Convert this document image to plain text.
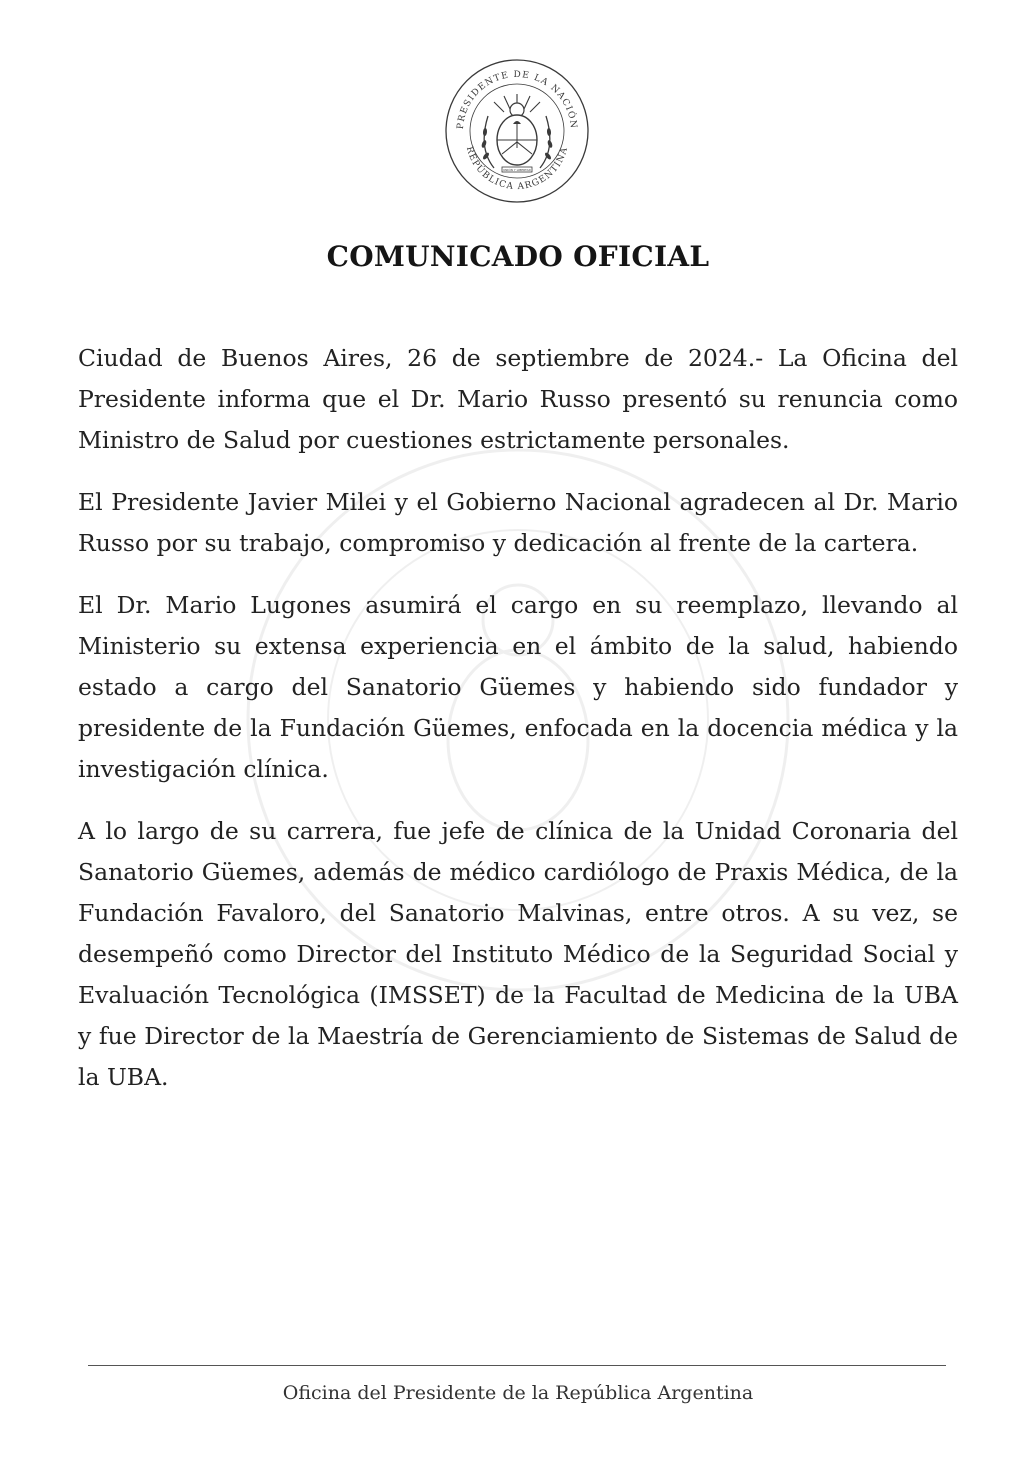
PRESIDENTE DE LA NACIÓN
REPÚBLICA ARGENTINA
UNIÓN Y LIBERTAD
COMUNICADO OFICIAL

Ciudad de Buenos Aires, 26 de septiembre de 2024.- La Oficina del Presidente informa que el Dr. Mario Russo presentó su renuncia como Ministro de Salud por cuestiones estrictamente personales.

El Presidente Javier Milei y el Gobierno Nacional agradecen al Dr. Mario Russo por su trabajo, compromiso y dedicación al frente de la cartera.

El Dr. Mario Lugones asumirá el cargo en su reemplazo, llevando al Ministerio su extensa experiencia en el ámbito de la salud, habiendo estado a cargo del Sanatorio Güemes y habiendo sido fundador y presidente de la Fundación Güemes, enfocada en la docencia médica y la investigación clínica.

A lo largo de su carrera, fue jefe de clínica de la Unidad Coronaria del Sanatorio Güemes, además de médico cardiólogo de Praxis Médica, de la Fundación Favaloro, del Sanatorio Malvinas, entre otros. A su vez, se desempeñó como Director del Instituto Médico de la Seguridad Social y Evaluación Tecnológica (IMSSET) de la Facultad de Medicina de la UBA y fue Director de la Maestría de Gerenciamiento de Sistemas de Salud de la UBA.

Oficina del Presidente de la República Argentina
